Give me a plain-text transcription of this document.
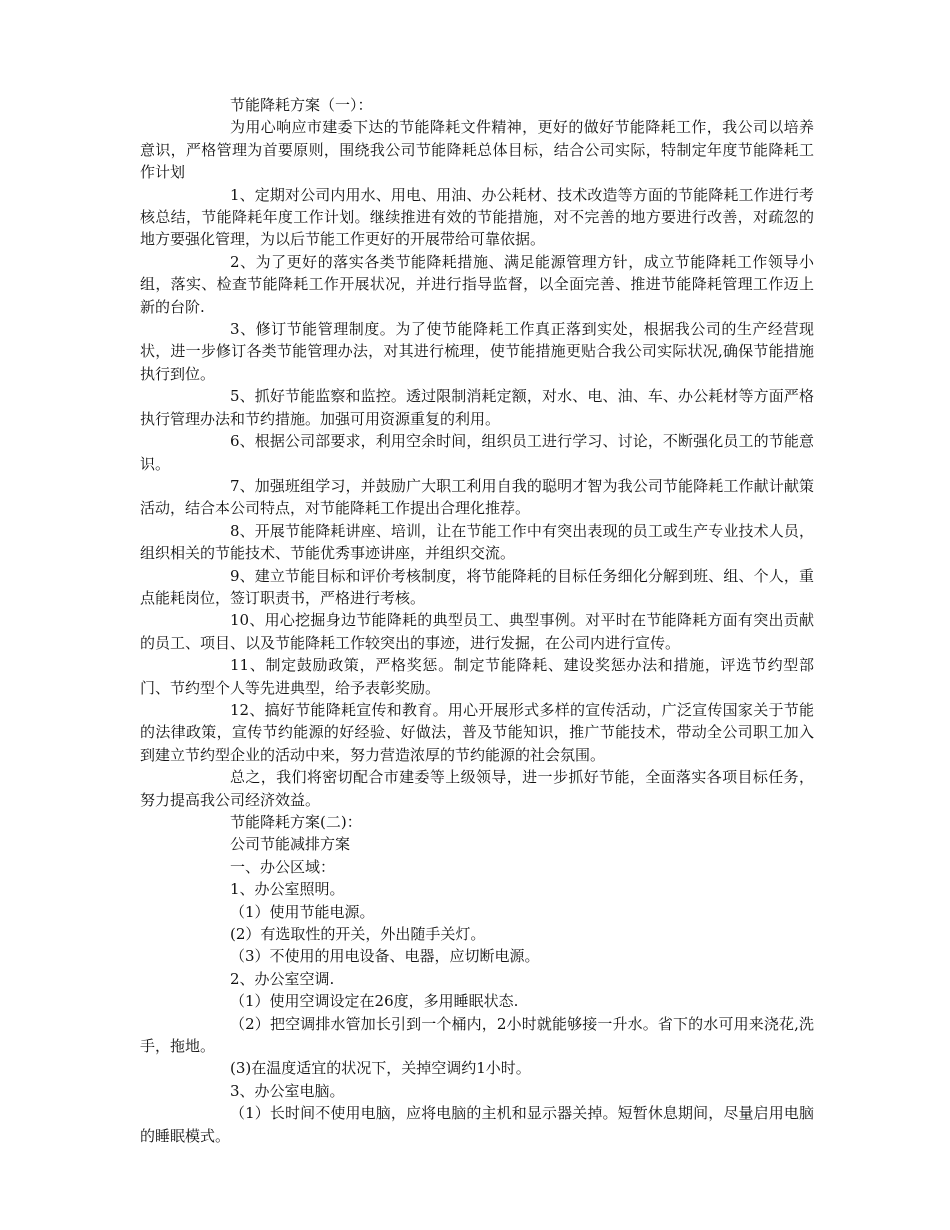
节能降耗方案（一）：

为用心响应市建委下达的节能降耗文件精神，更好的做好节能降耗工作，我公司以培养意识，严格管理为首要原则，围绕我公司节能降耗总体目标，结合公司实际，特制定年度节能降耗工作计划

1、定期对公司内用水、用电、用油、办公耗材、技术改造等方面的节能降耗工作进行考核总结，节能降耗年度工作计划。继续推进有效的节能措施，对不完善的地方要进行改善，对疏忽的地方要强化管理，为以后节能工作更好的开展带给可靠依据。

2、为了更好的落实各类节能降耗措施、满足能源管理方针，成立节能降耗工作领导小组，落实、检查节能降耗工作开展状况，并进行指导监督，以全面完善、推进节能降耗管理工作迈上新的台阶.

3、修订节能管理制度。为了使节能降耗工作真正落到实处，根据我公司的生产经营现状，进一步修订各类节能管理办法，对其进行梳理，使节能措施更贴合我公司实际状况,确保节能措施执行到位。

5、抓好节能监察和监控。透过限制消耗定额，对水、电、油、车、办公耗材等方面严格执行管理办法和节约措施。加强可用资源重复的利用。

6、根据公司部要求，利用空余时间，组织员工进行学习、讨论，不断强化员工的节能意识。

7、加强班组学习，并鼓励广大职工利用自我的聪明才智为我公司节能降耗工作献计献策活动，结合本公司特点，对节能降耗工作提出合理化推荐。

8、开展节能降耗讲座、培训，让在节能工作中有突出表现的员工或生产专业技术人员，组织相关的节能技术、节能优秀事迹讲座，并组织交流。

9、建立节能目标和评价考核制度，将节能降耗的目标任务细化分解到班、组、个人，重点能耗岗位，签订职责书，严格进行考核。

10、用心挖掘身边节能降耗的典型员工、典型事例。对平时在节能降耗方面有突出贡献的员工、项目、以及节能降耗工作较突出的事迹，进行发掘，在公司内进行宣传。

11、制定鼓励政策，严格奖惩。制定节能降耗、建设奖惩办法和措施，评选节约型部门、节约型个人等先进典型，给予表彰奖励。

12、搞好节能降耗宣传和教育。用心开展形式多样的宣传活动，广泛宣传国家关于节能的法律政策，宣传节约能源的好经验、好做法，普及节能知识，推广节能技术，带动全公司职工加入到建立节约型企业的活动中来，努力营造浓厚的节约能源的社会氛围。

总之，我们将密切配合市建委等上级领导，进一步抓好节能，全面落实各项目标任务，努力提高我公司经济效益。

节能降耗方案(二)：

公司节能减排方案

一、办公区域：

1、办公室照明。

（1）使用节能电源。

(2）有选取性的开关，外出随手关灯。

（3）不使用的用电设备、电器，应切断电源。

2、办公室空调.

（1）使用空调设定在26度，多用睡眠状态.

（2）把空调排水管加长引到一个桶内，2小时就能够接一升水。省下的水可用来浇花,洗手，拖地。

(3)在温度适宜的状况下，关掉空调约1小时。

3、办公室电脑。

（1）长时间不使用电脑，应将电脑的主机和显示器关掉。短暂休息期间，尽量启用电脑的睡眠模式。
